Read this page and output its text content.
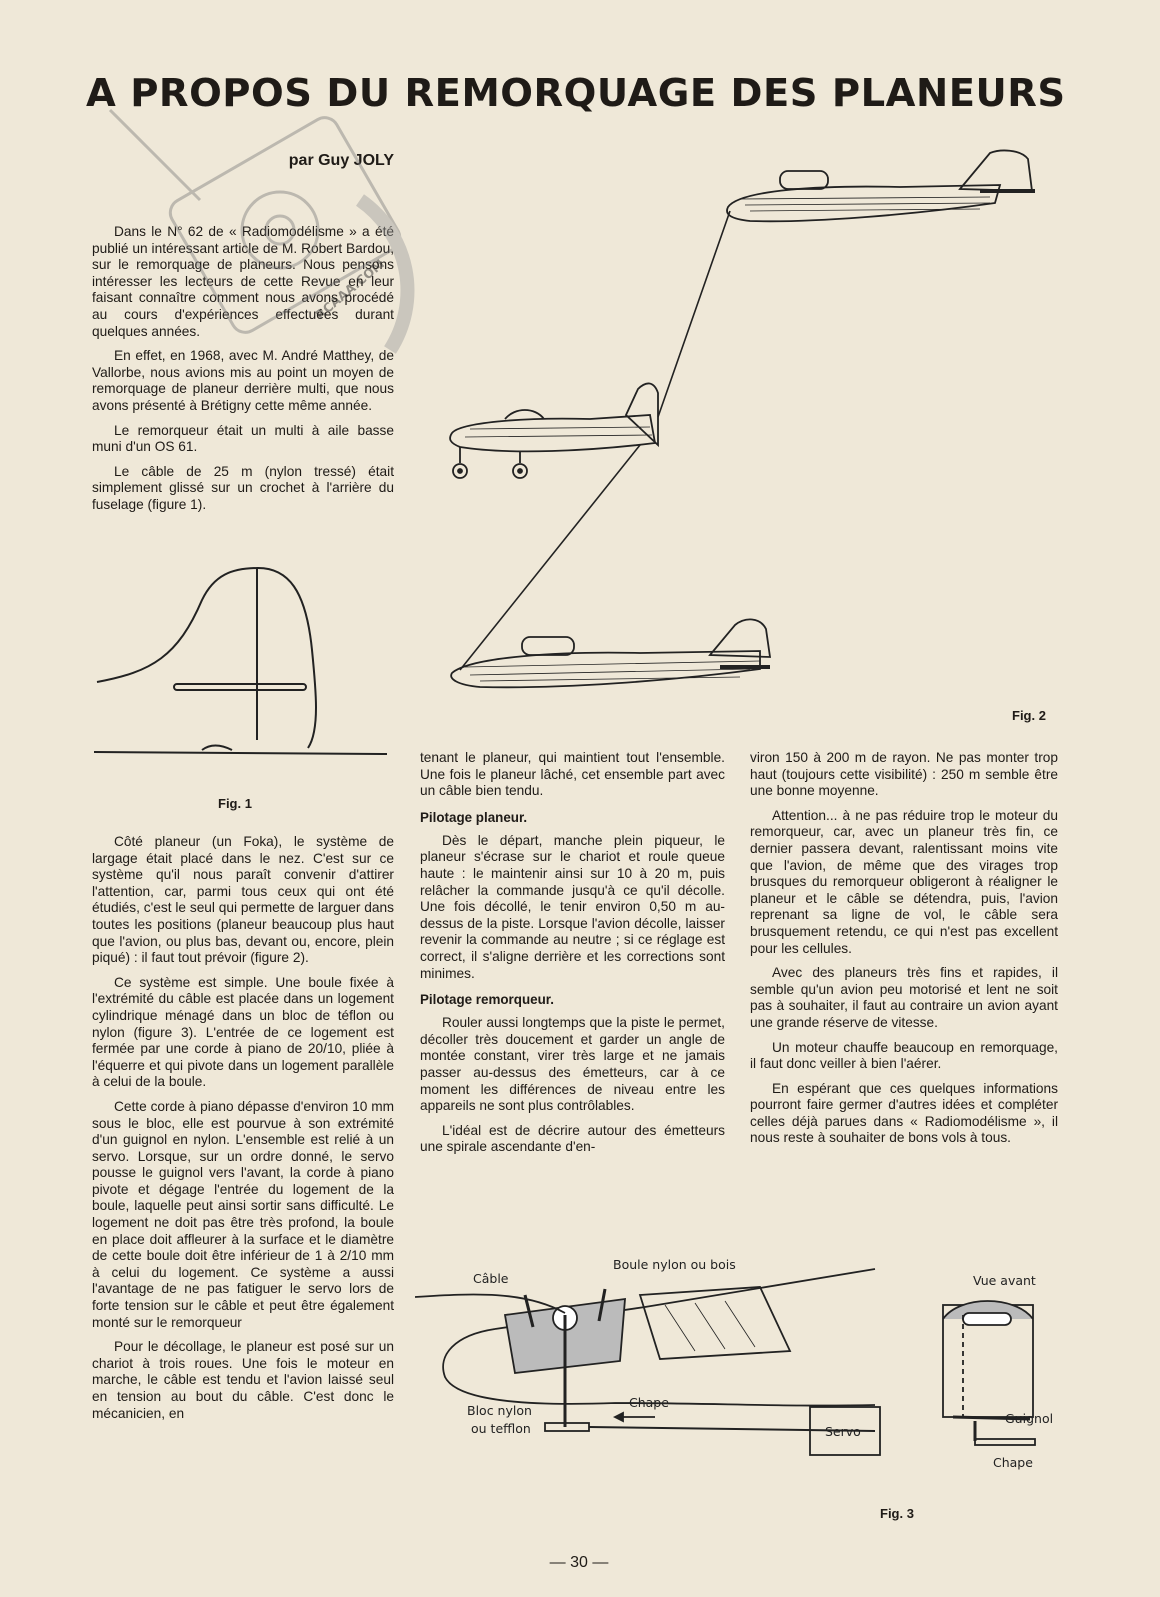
A PROPOS DU REMORQUAGE DES PLANEURS
par Guy JOLY

Dans le N° 62 de « Radiomodélisme » a été publié un intéressant article de M. Robert Bardou, sur le remorquage de planeurs. Nous pensons intéresser les lecteurs de cette Revue en leur faisant connaître comment nous avons procédé au cours d'expériences effectuées durant quelques années.

En effet, en 1968, avec M. André Matthey, de Vallorbe, nous avions mis au point un moyen de remorquage de planeur derrière multi, que nous avons présenté à Brétigny cette même année.

Le remorqueur était un multi à aile basse muni d'un OS 61.

Le câble de 25 m (nylon tressé) était simplement glissé sur un crochet à l'arrière du fuselage (figure 1).

RCAAA.COM
Fig. 1
Fig. 2

Côté planeur (un Foka), le système de largage était placé dans le nez. C'est sur ce système qu'il nous paraît convenir d'attirer l'attention, car, parmi tous ceux qui ont été étudiés, c'est le seul qui permette de larguer dans toutes les positions (planeur beaucoup plus haut que l'avion, ou plus bas, devant ou, encore, plein piqué) : il faut tout prévoir (figure 2).

Ce système est simple. Une boule fixée à l'extrémité du câble est placée dans un logement cylindrique ménagé dans un bloc de téflon ou nylon (figure 3). L'entrée de ce logement est fermée par une corde à piano de 20/10, pliée à l'équerre et qui pivote dans un logement parallèle à celui de la boule.

Cette corde à piano dépasse d'environ 10 mm sous le bloc, elle est pourvue à son extrémité d'un guignol en nylon. L'ensemble est relié à un servo. Lorsque, sur un ordre donné, le servo pousse le guignol vers l'avant, la corde à piano pivote et dégage l'entrée du logement de la boule, laquelle peut ainsi sortir sans difficulté. Le logement ne doit pas être très profond, la boule en place doit affleurer à la surface et le diamètre de cette boule doit être inférieur de 1 à 2/10 mm à celui du logement. Ce système a aussi l'avantage de ne pas fatiguer le servo lors de forte tension sur le câble et peut être également monté sur le remorqueur

Pour le décollage, le planeur est posé sur un chariot à trois roues. Une fois le moteur en marche, le câble est tendu et l'avion laissé seul en tension au bout du câble. C'est donc le mécanicien, en

tenant le planeur, qui maintient tout l'ensemble. Une fois le planeur lâché, cet ensemble part avec un câble bien tendu.

Pilotage planeur.

Dès le départ, manche plein piqueur, le planeur s'écrase sur le chariot et roule queue haute : le maintenir ainsi sur 10 à 20 m, puis relâcher la commande jusqu'à ce qu'il décolle. Une fois décollé, le tenir environ 0,50 m au-dessus de la piste. Lorsque l'avion décolle, laisser revenir la commande au neutre ; si ce réglage est correct, il s'aligne derrière et les corrections sont minimes.

Pilotage remorqueur.

Rouler aussi longtemps que la piste le permet, décoller très doucement et garder un angle de montée constant, virer très large et ne jamais passer au-dessus des émetteurs, car à ce moment les différences de niveau entre les appareils ne sont plus contrôlables.

L'idéal est de décrire autour des émetteurs une spirale ascendante d'en-

viron 150 à 200 m de rayon. Ne pas monter trop haut (toujours cette visibilité) : 250 m semble être une bonne moyenne.

Attention... à ne pas réduire trop le moteur du remorqueur, car, avec un planeur très fin, ce dernier passera devant, ralentissant moins vite que l'avion, de même que des virages trop brusques du remorqueur obligeront à réaligner le planeur et le câble se détendra, puis, l'avion reprenant sa ligne de vol, le câble sera brusquement retendu, ce qui n'est pas excellent pour les cellules.

Avec des planeurs très fins et rapides, il semble qu'un avion peu motorisé et lent ne soit pas à souhaiter, il faut au contraire un avion ayant une grande réserve de vitesse.

Un moteur chauffe beaucoup en remorquage, il faut donc veiller à bien l'aérer.

En espérant que ces quelques informations pourront faire germer d'autres idées et compléter celles déjà parues dans « Radiomodélisme », il nous reste à souhaiter de bons vols à tous.

Boule nylon ou bois
Câble
Bloc nylon
ou tefflon
Chape
Servo
Vue avant
Guignol
Chape
Fig. 3
— 30 —
